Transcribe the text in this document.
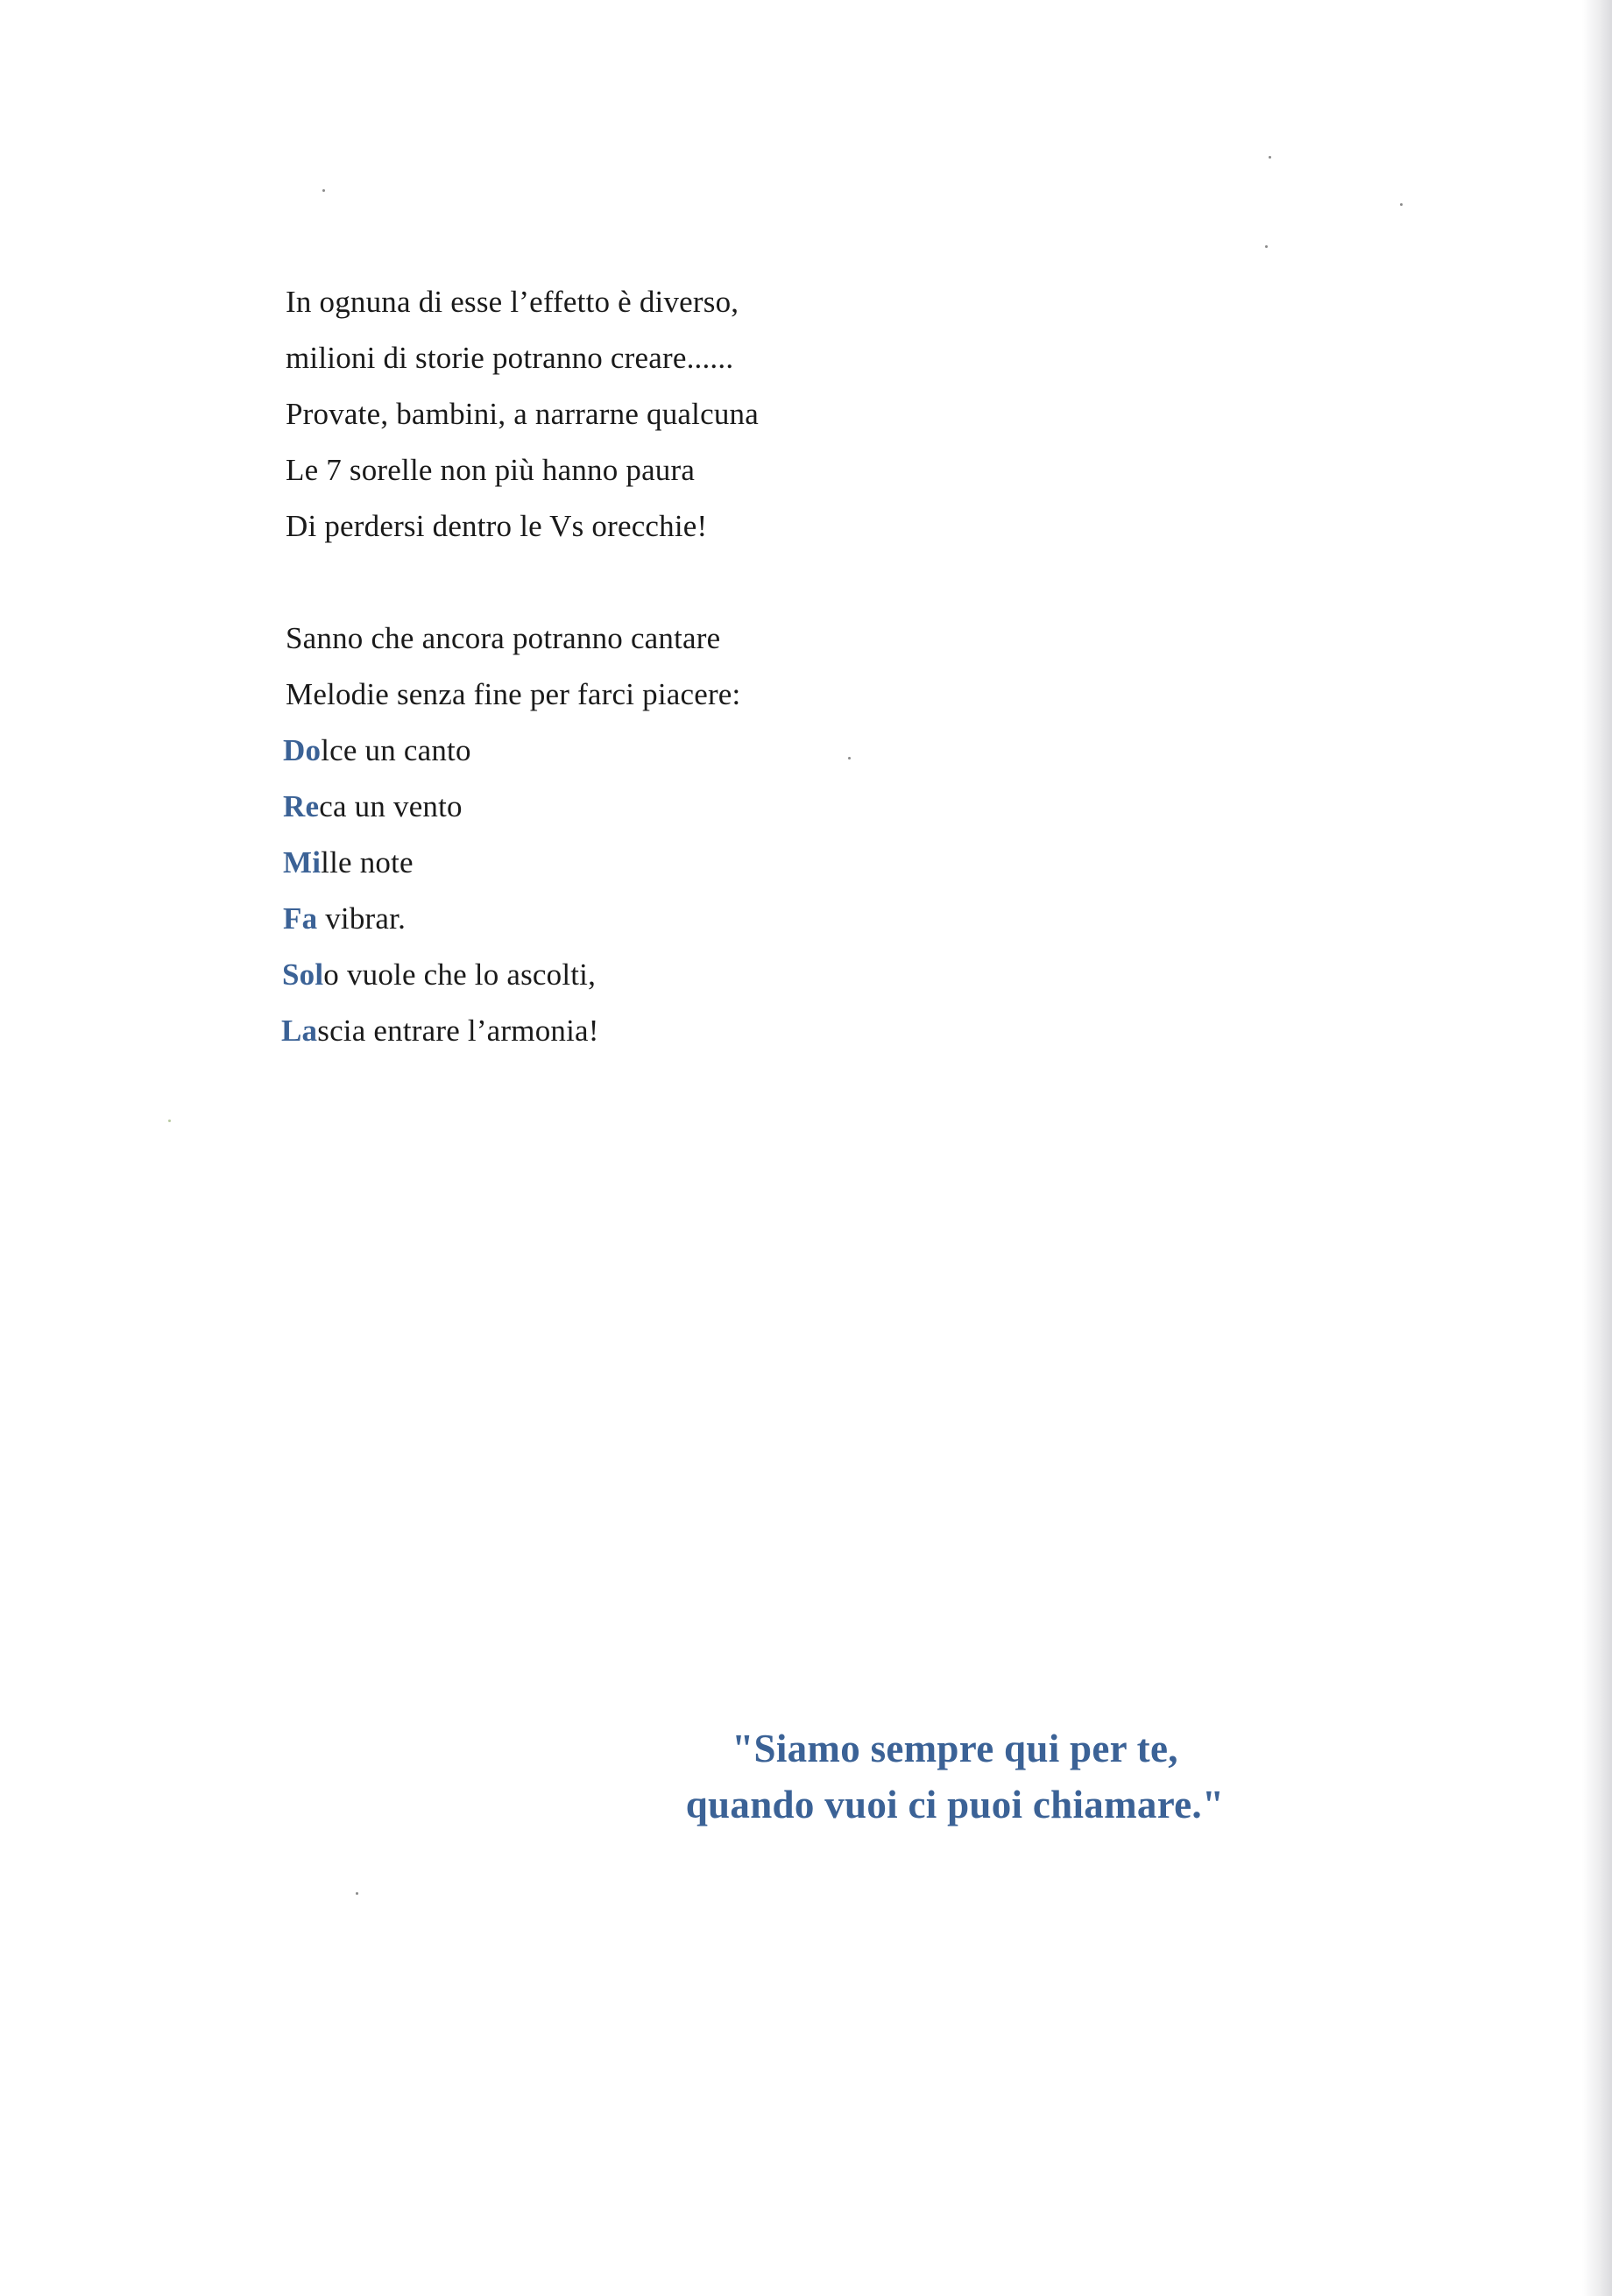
In ognuna di esse l’effetto è diverso,
milioni di storie potranno creare......
Provate, bambini, a narrarne qualcuna
Le 7 sorelle non più hanno paura
Di perdersi dentro le Vs orecchie!
Sanno che ancora potranno cantare
Melodie senza fine per farci piacere:
Dolce un canto
Reca un vento
Mille note
Fa vibrar.
Solo vuole che lo ascolti,
Lascia entrare l’armonia!
"Siamo sempre qui per te,
quando vuoi ci puoi chiamare."
